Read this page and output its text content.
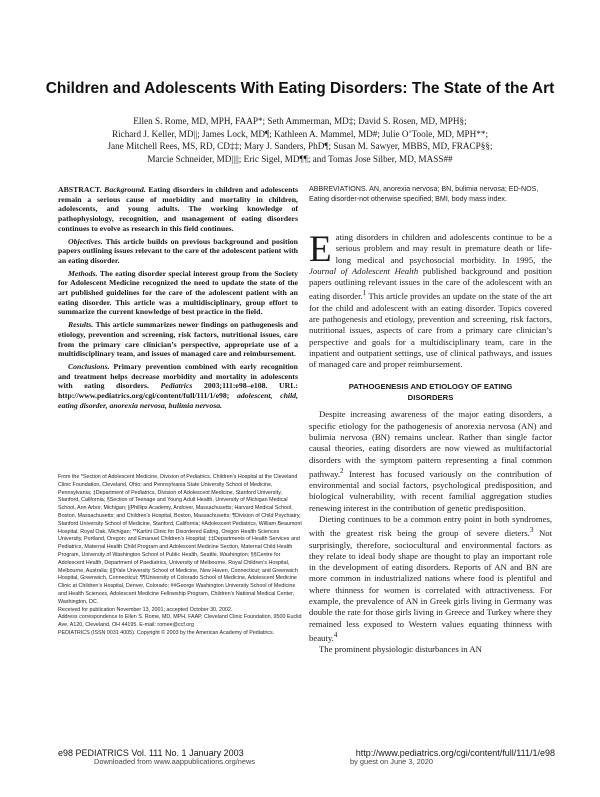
Children and Adolescents With Eating Disorders: The State of the Art
Ellen S. Rome, MD, MPH, FAAP*; Seth Ammerman, MD‡; David S. Rosen, MD, MPH§;
Richard J. Keller, MD||; James Lock, MD¶; Kathleen A. Mammel, MD#; Julie O’Toole, MD, MPH**;
Jane Mitchell Rees, MS, RD, CD‡‡; Mary J. Sanders, PhD¶; Susan M. Sawyer, MBBS, MD, FRACP§§;
Marcie Schneider, MD||||; Eric Sigel, MD¶¶; and Tomas Jose Silber, MD, MASS##

ABSTRACT. Background. Eating disorders in children and adolescents remain a serious cause of morbidity and mortality in children, adolescents, and young adults. The working knowledge of pathophysiology, recognition, and management of eating disorders continues to evolve as research in this field continues.

Objectives. This article builds on previous background and position papers outlining issues relevant to the care of the adolescent patient with an eating disorder.

Methods. The eating disorder special interest group from the Society for Adolescent Medicine recognized the need to update the state of the art published guidelines for the care of the adolescent patient with an eating disorder. This article was a multidisciplinary, group effort to summarize the current knowledge of best practice in the field.

Results. This article summarizes newer findings on pathogenesis and etiology, prevention and screening, risk factors, nutritional issues, care from the primary care clinician’s perspective, appropriate use of a multidisciplinary team, and issues of managed care and reimbursement.

Conclusions. Primary prevention combined with early recognition and treatment helps decrease morbidity and mortality in adolescents with eating disorders. Pediatrics 2003;111:e98–e108. URL: http://www.pediatrics.org/cgi/content/full/111/1/e98; adolescent, child, eating disorder, anorexia nervosa, bulimia nervosa.

From the *Section of Adolescent Medicine, Division of Pediatrics, Children’s Hospital at the Cleveland Clinic Foundation, Cleveland, Ohio; and Pennsylvania State University School of Medicine, Pennsylvania; ‡Department of Pediatrics, Division of Adolescent Medicine, Stanford University, Stanford, California; §Section of Teenage and Young Adult Health, University of Michigan Medical School, Ann Arbor, Michigan; ||Phillips Academy, Andover, Massachusetts; Harvard Medical School, Boston, Massachusetts; and Children’s Hospital, Boston, Massachusetts; ¶Division of Child Psychiatry, Stanford University School of Medicine, Stanford, California; #Adolescent Pediatrics, William Beaumont Hospital, Royal Oak, Michigan; **Kartini Clinic for Disordered Eating, Oregon Health Sciences University, Portland, Oregon; and Emanuel Children’s Hospital; ‡‡Departments of Health Services and Pediatrics, Maternal Health Child Program and Adolescent Medicine Section, Maternal Child Health Program, University of Washington School of Public Health, Seattle, Washington; §§Centre for Adolescent Health, Department of Paediatrics, University of Melbourne, Royal Children’s Hospital, Melbourne, Australia; ||||Yale University School of Medicine, New Haven, Connecticut; and Greenwich Hospital, Greenwich, Connecticut; ¶¶University of Colorado School of Medicine, Adolescent Medicine Clinic at Children’s Hospital, Denver, Colorado; ##George Washington University School of Medicine and Health Sciences, Adolescent Medicine Fellowship Program, Children’s National Medical Center, Washington, DC.

Received for publication November 13, 2001; accepted October 30, 2002.

Address correspondence to Ellen S. Rome, MD, MPH, FAAP, Cleveland Clinic Foundation, 9500 Euclid Ave, A120, Cleveland, OH 44195. E-mail: romee@ccf.org

PEDIATRICS (ISSN 0031 4005). Copyright © 2003 by the American Academy of Pediatrics.

ABBREVIATIONS. AN, anorexia nervosa; BN, bulimia nervosa; ED-NOS, Eating disorder-not otherwise specified; BMI, body mass index.

Eating disorders in children and adolescents continue to be a serious problem and may result in premature death or life-long medical and psychosocial morbidity. In 1995, the Journal of Adolescent Health published background and position papers outlining relevant issues in the care of the adolescent with an eating disorder.$^1$ This article provides an update on the state of the art for the child and adolescent with an eating disorder. Topics covered are pathogenesis and etiology, prevention and screening, risk factors, nutritional issues, aspects of care from a primary care clinician’s perspective and goals for a multidisciplinary team, care in the inpatient and outpatient settings, use of clinical pathways, and issues of managed care and proper reimbursement.

PATHOGENESIS AND ETIOLOGY OF EATING
DISORDERS

Despite increasing awareness of the major eating disorders, a specific etiology for the pathogenesis of anorexia nervosa (AN) and bulimia nervosa (BN) remains unclear. Rather than single factor causal theories, eating disorders are now viewed as multifactorial disorders with the symptom pattern representing a final common pathway.$^2$ Interest has focused variously on the contribution of environmental and social factors, psychological predisposition, and biological vulnerability, with recent familial aggregation studies renewing interest in the contribution of genetic predisposition.

Dieting continues to be a common entry point in both syndromes, with the greatest risk being the group of severe dieters.$^3$ Not surprisingly, therefore, sociocultural and environmental factors as they relate to ideal body shape are thought to play an important role in the development of eating disorders. Reports of AN and BN are more common in industrialized nations where food is plentiful and where thinness for women is correlated with attractiveness. For example, the prevalence of AN in Greek girls living in Germany was double the rate for those girls living in Greece and Turkey where they remained less exposed to Western values equating thinness with beauty.$^4$

The prominent physiologic disturbances in AN

e98 PEDIATRICS Vol. 111 No. 1 January 2003	http://www.pediatrics.org/cgi/content/full/111/1/e98
Downloaded from www.aappublications.org/news	by guest on June 3, 2020
